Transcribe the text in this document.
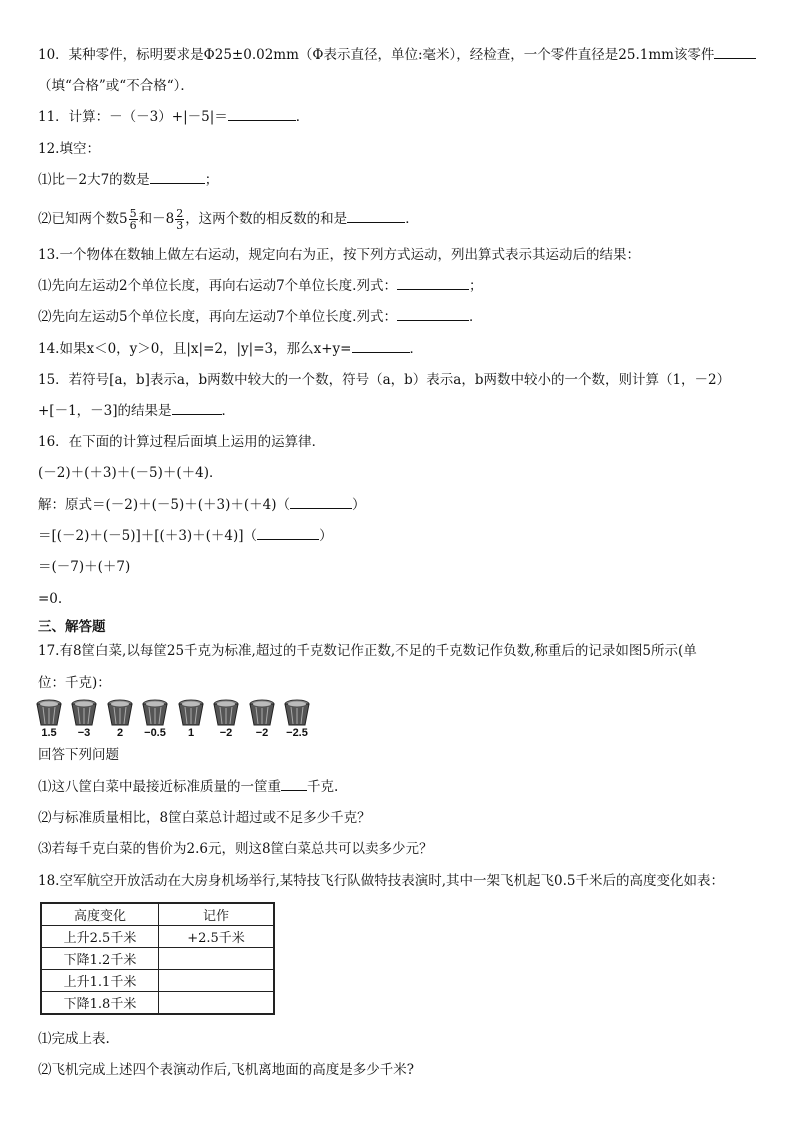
10．某种零件，标明要求是Φ25±0.02mm（Φ表示直径，单位:毫米），经检查，一个零件直径是25.1mm该零件
（填“合格”或“不合格“）．
11．计算：－（－3）+|－5|＝	．
12.填空：
⑴比－2大7的数是	；
⑵已知两个数$5 \frac{5}{6}$ 和$-8 \frac{2}{3}$ ，这两个数的相反数的和是	．
13.一个物体在数轴上做左右运动，规定向右为正，按下列方式运动，列出算式表示其运动后的结果：
⑴先向左运动2个单位长度，再向右运动7个单位长度.列式：	；
⑵先向左运动5个单位长度，再向左运动7个单位长度.列式：	．
14.如果x＜0，y＞0，且|x|=2，|y|=3，那么x+y=	．
15．若符号[a，b]表示a，b两数中较大的一个数，符号（a，b）表示a，b两数中较小的一个数，则计算（1，－2）
+[－1，－3]的结果是	．
16．在下面的计算过程后面填上运用的运算律．
(－2)＋(＋3)＋(－5)＋(＋4)．
解：原式＝(－2)＋(－5)＋(＋3)＋(＋4)（	）
＝[(－2)＋(－5)]＋[(＋3)＋(＋4)]（	）
＝(－7)＋(＋7)
=0.
三、解答题
17.有8筐白菜,以每筐25千克为标准,超过的千克数记作正数,不足的千克数记作负数,称重后的记录如图5所示(单
位：千克)：
1.5	−3	2	−0.5	1	−2	−2	−2.5
回答下列问题
⑴这八筐白菜中最接近标准质量的一筐重 千克.
⑵与标准质量相比，8筐白菜总计超过或不足多少千克？
⑶若每千克白菜的售价为2.6元，则这8筐白菜总共可以卖多少元？
18.空军航空开放活动在大房身机场举行,某特技飞行队做特技表演时,其中一架飞机起飞0.5千米后的高度变化如表：
高度变化	记作
上升2.5千米	+2.5千米
下降1.2千米	
上升1.1千米	
下降1.8千米	
⑴完成上表.
⑵飞机完成上述四个表演动作后,飞机离地面的高度是多少千米?
